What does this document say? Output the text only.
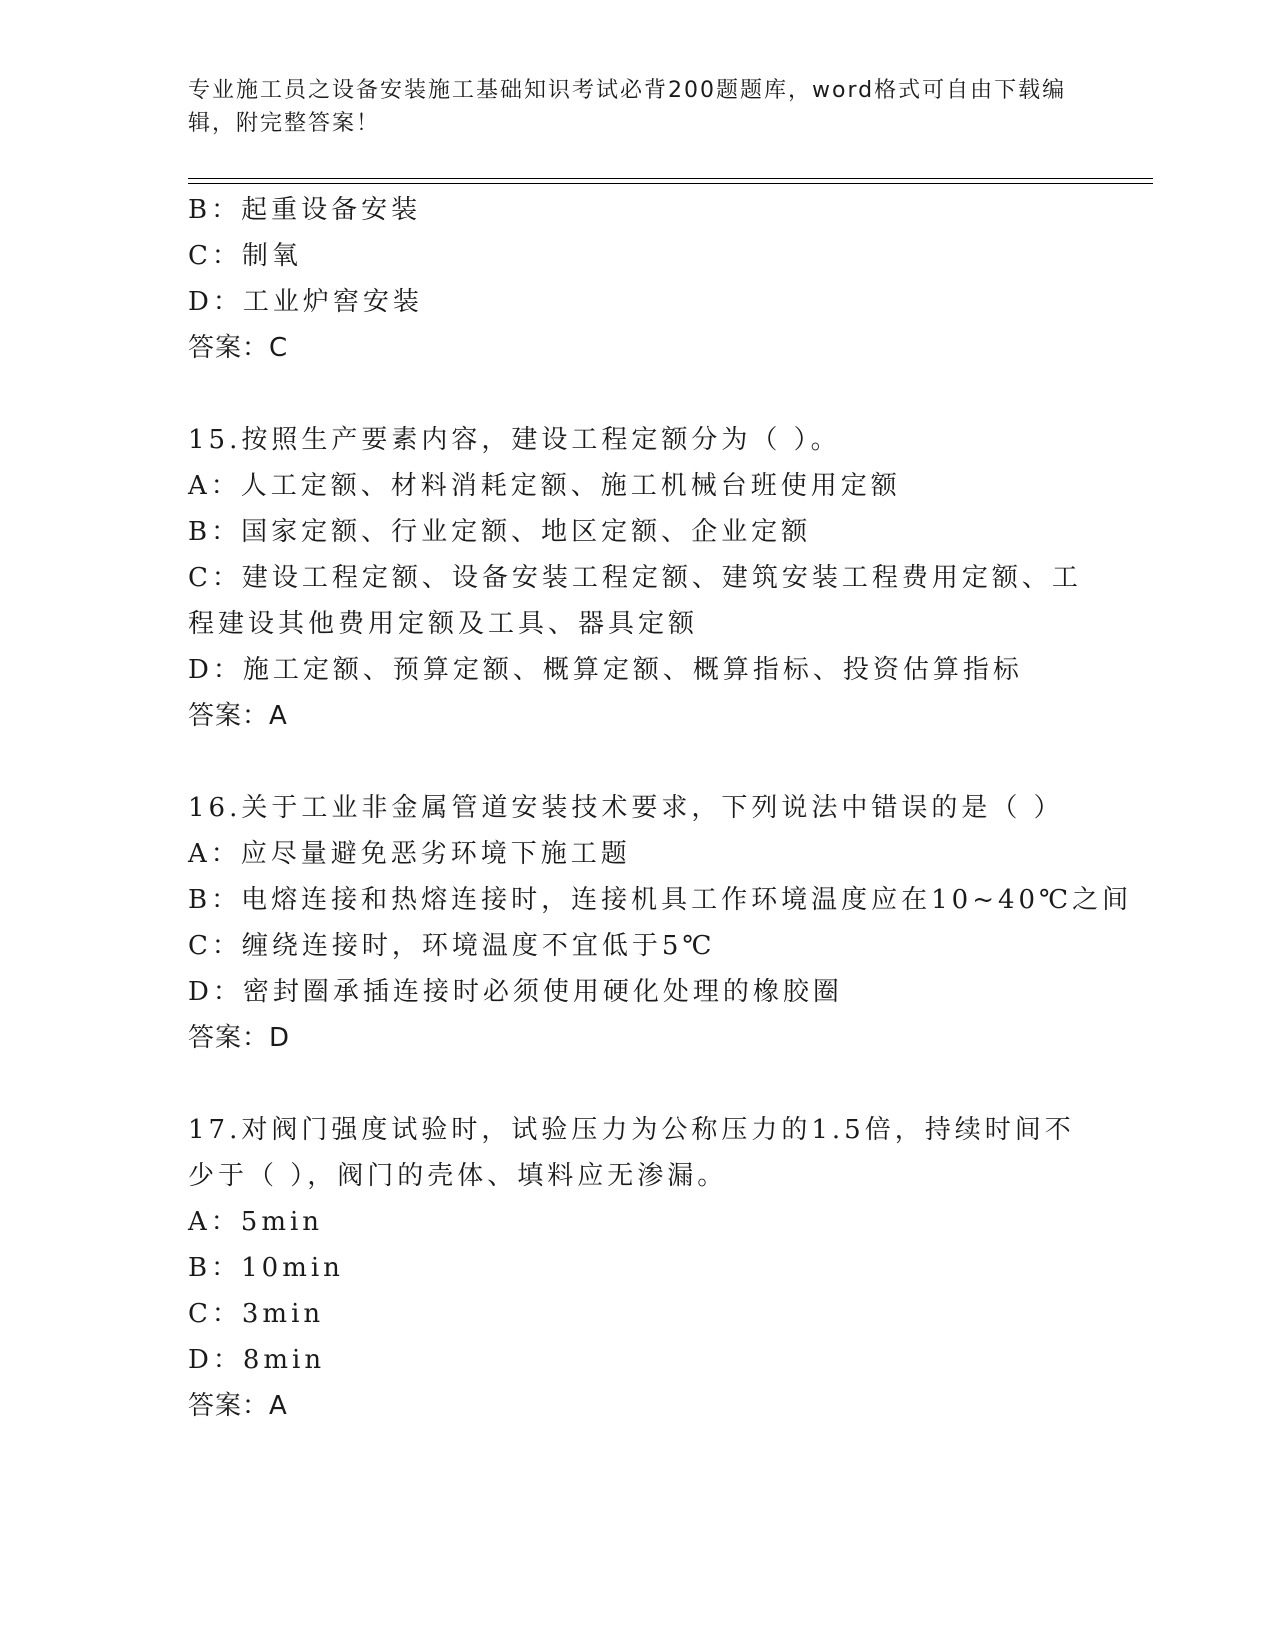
专业施工员之设备安装施工基础知识考试必背200题题库，word格式可自由下载编辑，附完整答案！

B：起重设备安装

C：制氧

D：工业炉窖安装

答案：C

15.按照生产要素内容，建设工程定额分为（ ）。

A：人工定额、材料消耗定额、施工机械台班使用定额

B：国家定额、行业定额、地区定额、企业定额

C：建设工程定额、设备安装工程定额、建筑安装工程费用定额、工程建设其他费用定额及工具、器具定额

D：施工定额、预算定额、概算定额、概算指标、投资估算指标

答案：A

16.关于工业非金属管道安装技术要求，下列说法中错误的是（ ）

A：应尽量避免恶劣环境下施工题

B：电熔连接和热熔连接时，连接机具工作环境温度应在10~40℃之间

C：缠绕连接时，环境温度不宜低于5℃

D：密封圈承插连接时必须使用硬化处理的橡胶圈

答案：D

17.对阀门强度试验时，试验压力为公称压力的1.5倍，持续时间不少于（ ），阀门的壳体、填料应无渗漏。

A：5min

B：10min

C：3min

D：8min

答案：A
